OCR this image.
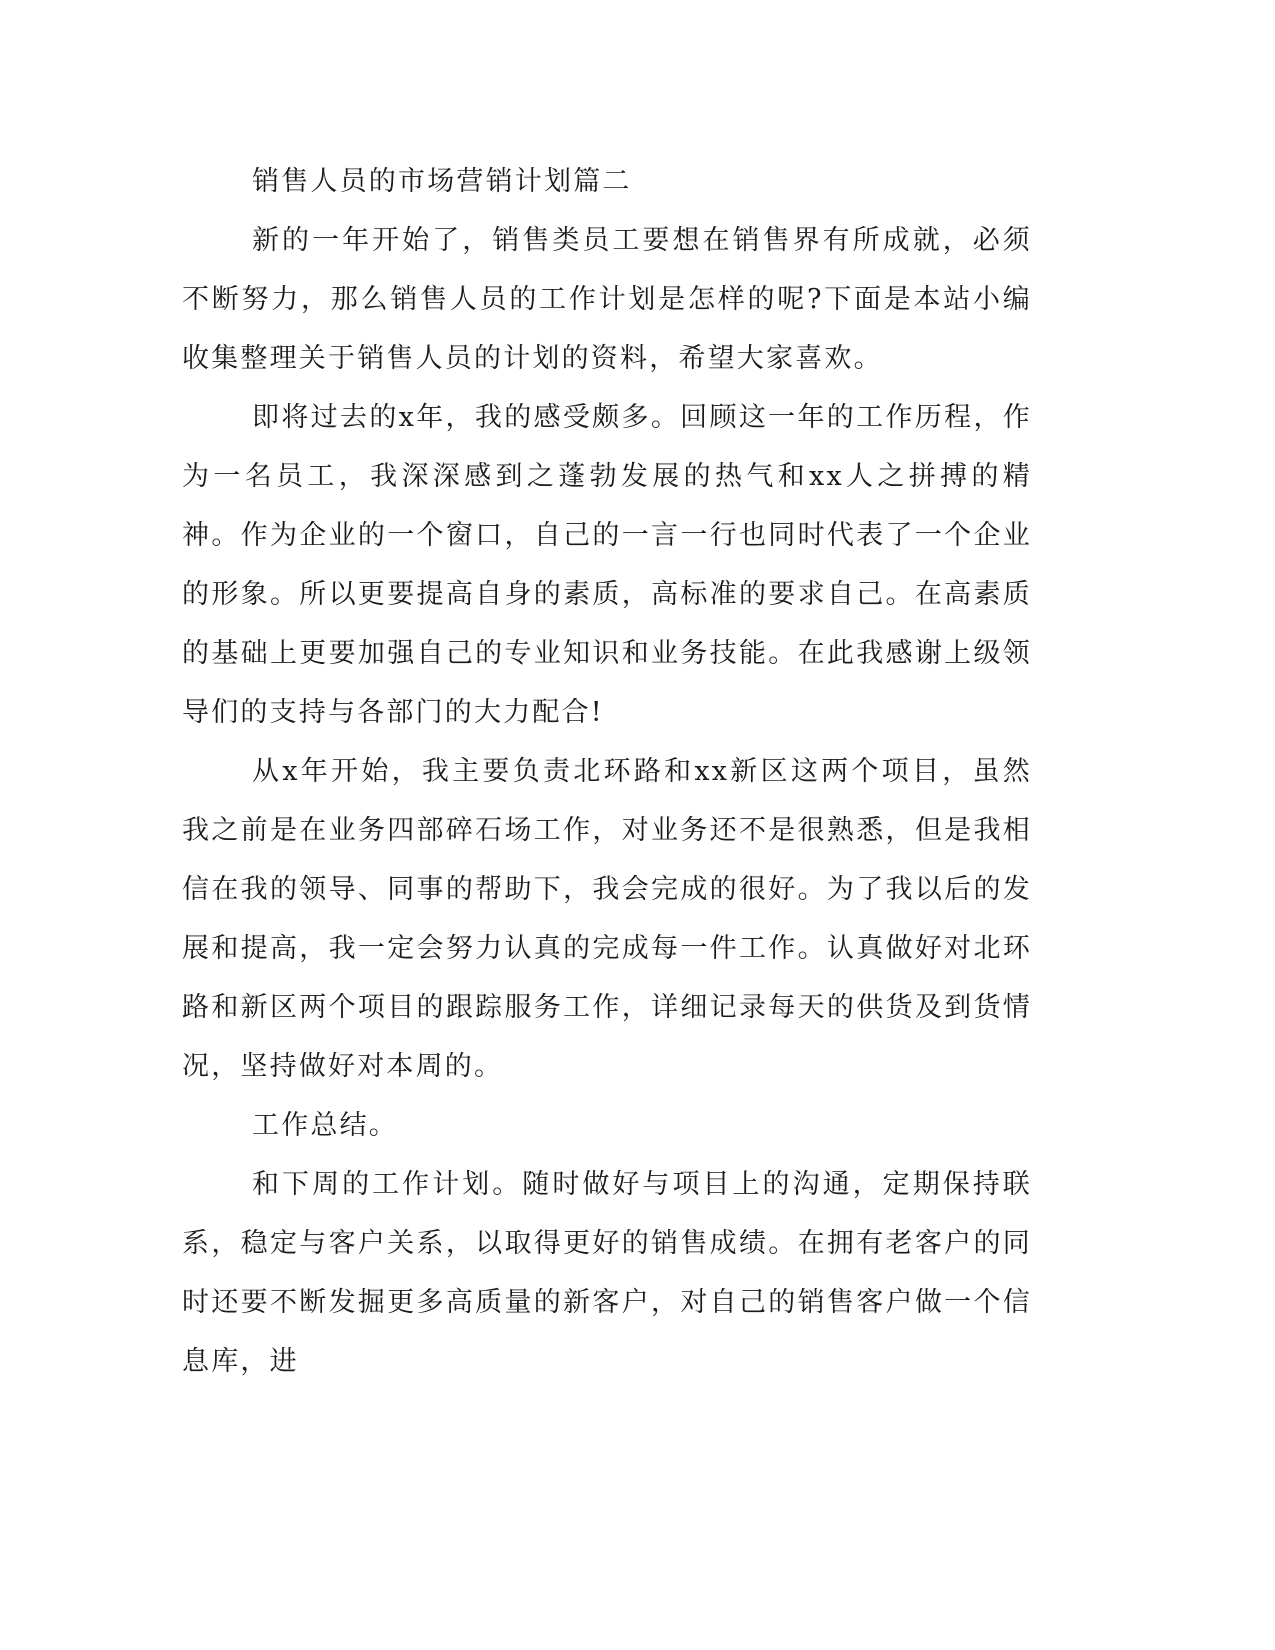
销售人员的市场营销计划篇二

新的一年开始了，销售类员工要想在销售界有所成就，必须不断努力，那么销售人员的工作计划是怎样的呢?下面是本站小编收集整理关于销售人员的计划的资料，希望大家喜欢。

即将过去的x年，我的感受颇多。回顾这一年的工作历程，作为一名员工，我深深感到之蓬勃发展的热气和xx人之拼搏的精神。作为企业的一个窗口，自己的一言一行也同时代表了一个企业的形象。所以更要提高自身的素质，高标准的要求自己。在高素质的基础上更要加强自己的专业知识和业务技能。在此我感谢上级领导们的支持与各部门的大力配合!

从x年开始，我主要负责北环路和xx新区这两个项目，虽然我之前是在业务四部碎石场工作，对业务还不是很熟悉，但是我相信在我的领导、同事的帮助下，我会完成的很好。为了我以后的发展和提高，我一定会努力认真的完成每一件工作。认真做好对北环路和新区两个项目的跟踪服务工作，详细记录每天的供货及到货情况，坚持做好对本周的。

工作总结。

和下周的工作计划。随时做好与项目上的沟通，定期保持联系，稳定与客户关系，以取得更好的销售成绩。在拥有老客户的同时还要不断发掘更多高质量的新客户，对自己的销售客户做一个信息库，进
